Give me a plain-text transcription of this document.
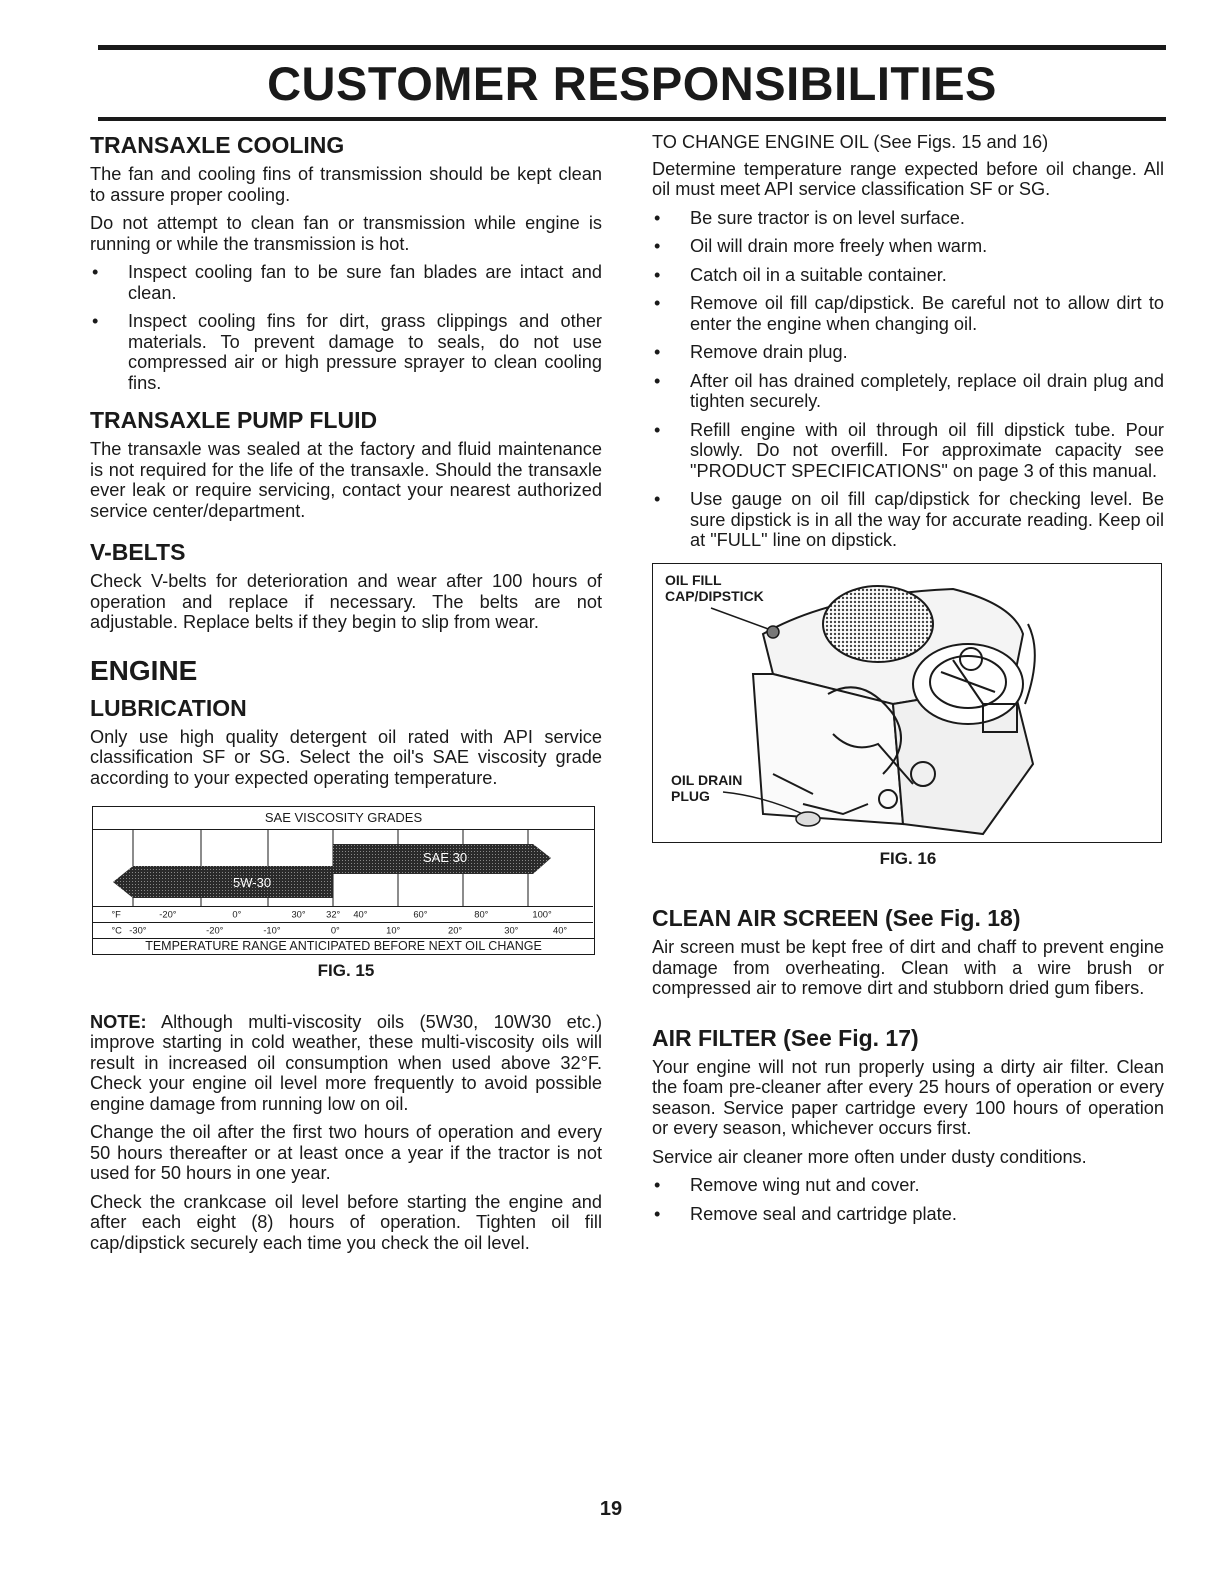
CUSTOMER RESPONSIBILITIES
TRANSAXLE COOLING

The fan and cooling fins of transmission should be kept clean to assure proper cooling.

Do not attempt to clean fan or transmission while engine is running or while the transmission is hot.

• Inspect cooling fan to be sure fan blades are intact and clean.
• Inspect cooling fins for dirt, grass clippings and other materials. To prevent damage to seals, do not use compressed air or high pressure sprayer to clean cooling fins.
TRANSAXLE PUMP FLUID

The transaxle was sealed at the factory and fluid maintenance is not required for the life of the transaxle. Should the transaxle ever leak or require servicing, contact your nearest authorized service center/department.

V-BELTS

Check V-belts for deterioration and wear after 100 hours of operation and replace if necessary. The belts are not adjustable. Replace belts if they begin to slip from wear.

ENGINE
LUBRICATION

Only use high quality detergent oil rated with API service classification SF or SG. Select the oil's SAE viscosity grade according to your expected operating temperature.

SAE VISCOSITY GRADES
5W-30
SAE 30
°F	-20°	0°	30° 32° 40°	60°	80°	100°
°C -30°	-20°	-10°	0°	10°	20°	30°	40°
TEMPERATURE RANGE ANTICIPATED BEFORE NEXT OIL CHANGE
FIG. 15

NOTE: Although multi-viscosity oils (5W30, 10W30 etc.) improve starting in cold weather, these multi-viscosity oils will result in increased oil consumption when used above 32°F. Check your engine oil level more frequently to avoid possible engine damage from running low on oil.

Change the oil after the first two hours of operation and every 50 hours thereafter or at least once a year if the tractor is not used for 50 hours in one year.

Check the crankcase oil level before starting the engine and after each eight (8) hours of operation. Tighten oil fill cap/dipstick securely each time you check the oil level.

TO CHANGE ENGINE OIL (See Figs. 15 and 16)

Determine temperature range expected before oil change. All oil must meet API service classification SF or SG.

• Be sure tractor is on level surface.
• Oil will drain more freely when warm.
• Catch oil in a suitable container.
• Remove oil fill cap/dipstick. Be careful not to allow dirt to enter the engine when changing oil.
• Remove drain plug.
• After oil has drained completely, replace oil drain plug and tighten securely.
• Refill engine with oil through oil fill dipstick tube. Pour slowly. Do not overfill. For approximate capacity see "PRODUCT SPECIFICATIONS" on page 3 of this manual.
• Use gauge on oil fill cap/dipstick for checking level. Be sure dipstick is in all the way for accurate reading. Keep oil at "FULL" line on dipstick.
OIL FILL
CAP/DIPSTICK
OIL DRAIN
PLUG
FIG. 16
CLEAN AIR SCREEN (See Fig. 18)

Air screen must be kept free of dirt and chaff to prevent engine damage from overheating. Clean with a wire brush or compressed air to remove dirt and stubborn dried gum fibers.

AIR FILTER (See Fig. 17)

Your engine will not run properly using a dirty air filter. Clean the foam pre-cleaner after every 25 hours of operation or every season. Service paper cartridge every 100 hours of operation or every season, whichever occurs first.

Service air cleaner more often under dusty conditions.

• Remove wing nut and cover.
• Remove seal and cartridge plate.
19
